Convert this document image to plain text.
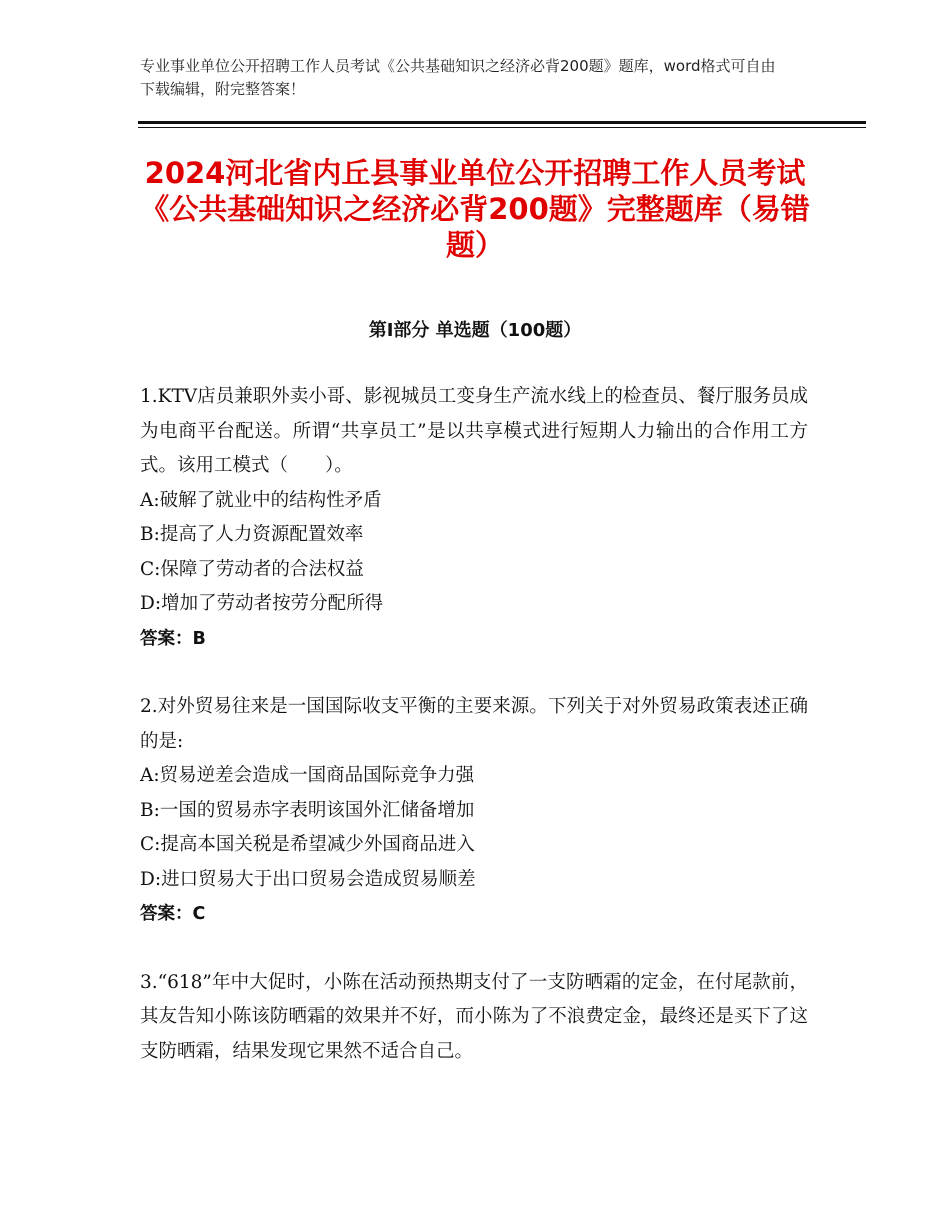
专业事业单位公开招聘工作人员考试《公共基础知识之经济必背200题》题库，word格式可自由下载编辑，附完整答案！
2024河北省内丘县事业单位公开招聘工作人员考试《公共基础知识之经济必背200题》完整题库（易错题）
第Ⅰ部分 单选题（100题）
1.KTV店员兼职外卖小哥、影视城员工变身生产流水线上的检查员、餐厅服务员成为电商平台配送。所谓“共享员工”是以共享模式进行短期人力输出的合作用工方式。该用工模式（　　）。
A:破解了就业中的结构性矛盾
B:提高了人力资源配置效率
C:保障了劳动者的合法权益
D:增加了劳动者按劳分配所得
答案：B
2.对外贸易往来是一国国际收支平衡的主要来源。下列关于对外贸易政策表述正确的是:
A:贸易逆差会造成一国商品国际竞争力强
B:一国的贸易赤字表明该国外汇储备增加
C:提高本国关税是希望减少外国商品进入
D:进口贸易大于出口贸易会造成贸易顺差
答案：C
3.“618”年中大促时，小陈在活动预热期支付了一支防晒霜的定金，在付尾款前，其友告知小陈该防晒霜的效果并不好，而小陈为了不浪费定金，最终还是买下了这支防晒霜，结果发现它果然不适合自己。
